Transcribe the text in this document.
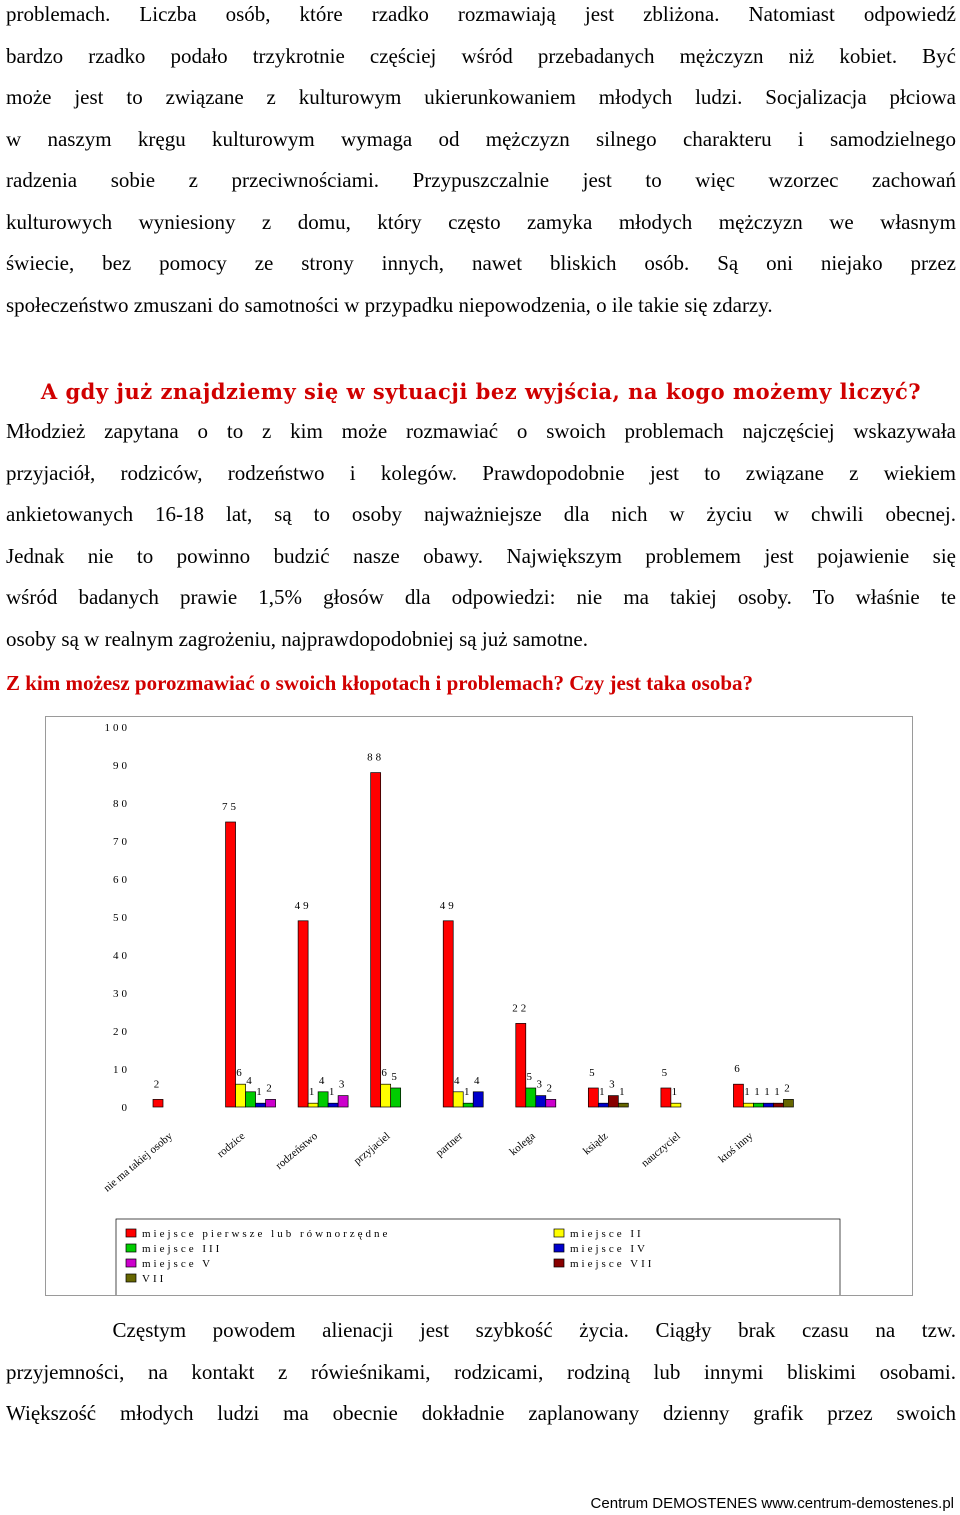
problemach. Liczba osób, które rzadko rozmawiają jest zbliżona. Natomiast odpowiedź
bardzo rzadko podało trzykrotnie częściej wśród przebadanych mężczyzn niż kobiet. Być
może jest to związane z kulturowym ukierunkowaniem młodych ludzi. Socjalizacja płciowa
w naszym kręgu kulturowym wymaga od mężczyzn silnego charakteru i samodzielnego
radzenia sobie z przeciwnościami. Przypuszczalnie jest to więc wzorzec zachowań
kulturowych wyniesiony z domu, który często zamyka młodych mężczyzn we własnym
świecie, bez pomocy ze strony innych, nawet bliskich osób. Są oni niejako przez
społeczeństwo zmuszani do samotności w przypadku niepowodzenia, o ile takie się zdarzy.
A gdy już znajdziemy się w sytuacji bez wyjścia, na kogo możemy liczyć?
Młodzież zapytana o to z kim może rozmawiać o swoich problemach najczęściej wskazywała
przyjaciół, rodziców, rodzeństwo i kolegów. Prawdopodobnie jest to związane z wiekiem
ankietowanych 16-18 lat, są to osoby najważniejsze dla nich w życiu w chwili obecnej.
Jednak nie to powinno budzić nasze obawy. Największym problemem jest pojawienie się
wśród badanych prawie 1,5% głosów dla odpowiedzi: nie ma takiej osoby. To właśnie te
osoby są w realnym zagrożeniu, najprawdopodobniej są już samotne.
Z kim możesz porozmawiać o swoich kłopotach i problemach? Czy jest taka osoba?
100
90
80
70
60
50
40
30
20
10
0
2
nie ma takiej osoby
75
6
4
1 2
rodzice
49
1
4
1
3
rodzeństwo
88
6 5
przyjaciel
49
4
1
4
partner
22
5
3 2
kolega
5
1
3
1
ksiądz
5
1
nauczyciel
6
1 1 1 1 2
ktoś inny
miejsce pierwsze lub równorzędne	miejsce II
miejsce III	miejsce IV
miejsce V	miejsce VII
VII
Częstym powodem alienacji jest szybkość życia. Ciągły brak czasu na tzw.
przyjemności, na kontakt z rówieśnikami, rodzicami, rodziną lub innymi bliskimi osobami.
Większość młodych ludzi ma obecnie dokładnie zaplanowany dzienny grafik przez swoich
Centrum DEMOSTENES www.centrum-demostenes.pl
